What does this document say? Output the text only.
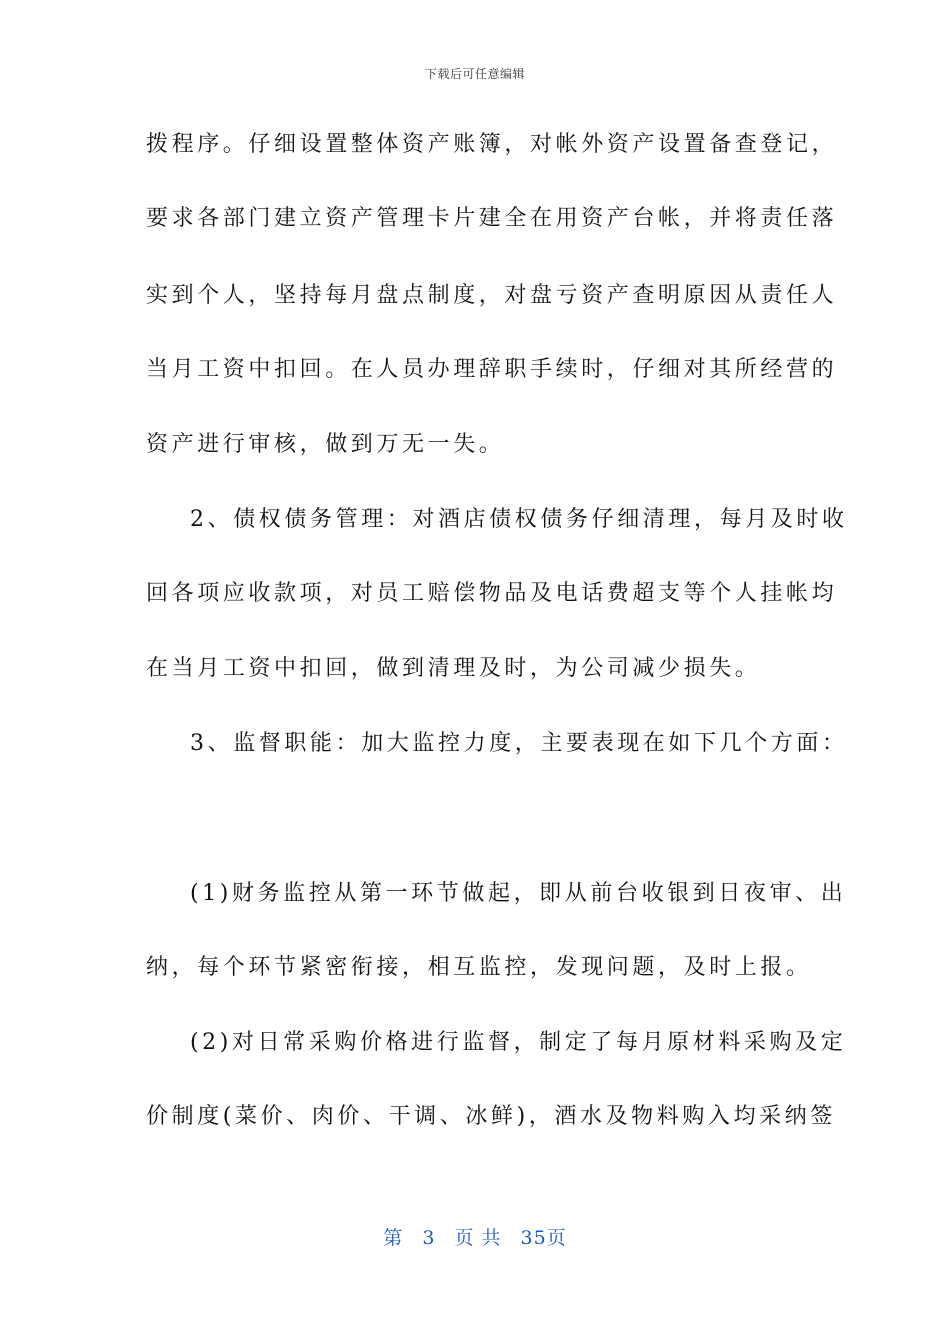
下载后可任意编辑
拨程序。仔细设置整体资产账簿，对帐外资产设置备查登记，
要求各部门建立资产管理卡片建全在用资产台帐，并将责任落
实到个人，坚持每月盘点制度，对盘亏资产查明原因从责任人
当月工资中扣回。在人员办理辞职手续时，仔细对其所经营的
资产进行审核，做到万无一失。
2、债权债务管理：对酒店债权债务仔细清理，每月及时收
回各项应收款项，对员工赔偿物品及电话费超支等个人挂帐均
在当月工资中扣回，做到清理及时，为公司减少损失。
3、监督职能：加大监控力度，主要表现在如下几个方面：
(1)财务监控从第一环节做起，即从前台收银到日夜审、出
纳，每个环节紧密衔接，相互监控，发现问题，及时上报。
(2)对日常采购价格进行监督，制定了每月原材料采购及定
价制度(菜价、肉价、干调、冰鲜)，酒水及物料购入均采纳签
第 3 页 共 35页
